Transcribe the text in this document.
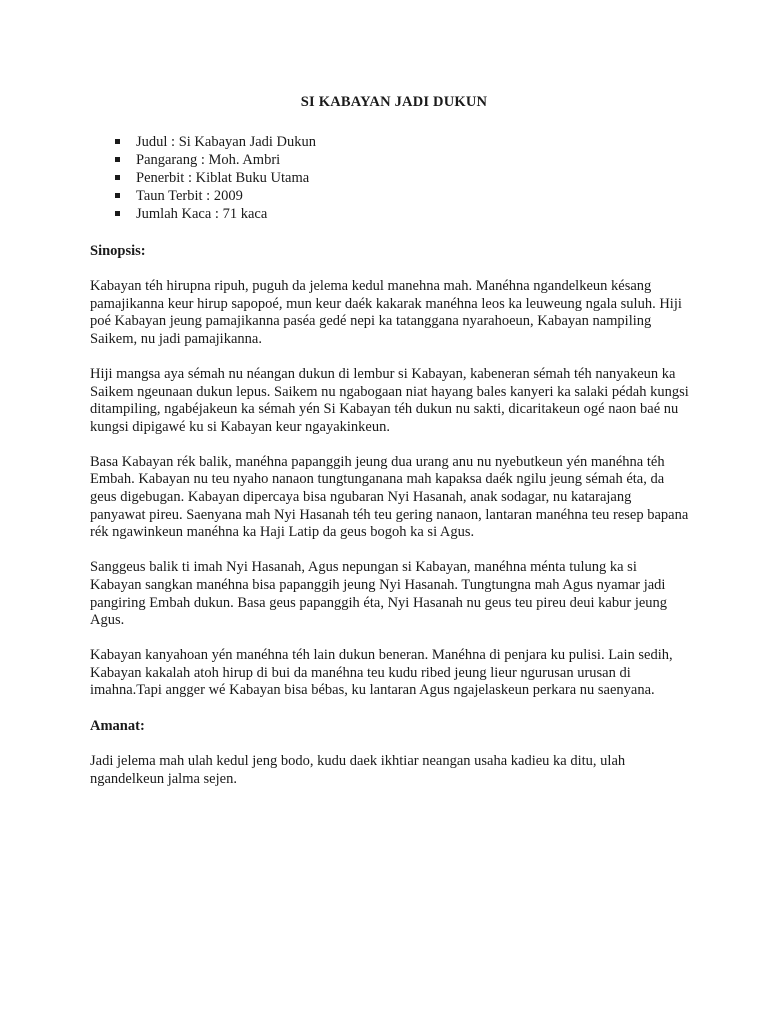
SI KABAYAN JADI DUKUN
Judul : Si Kabayan Jadi Dukun
Pangarang : Moh. Ambri
Penerbit : Kiblat Buku Utama
Taun Terbit : 2009
Jumlah Kaca : 71 kaca
Sinopsis:

Kabayan téh hirupna ripuh, puguh da jelema kedul manehna mah. Manéhna ngandelkeun késang pamajikanna keur hirup sapopoé, mun keur daék kakarak manéhna leos ka leuweung ngala suluh. Hiji poé Kabayan jeung pamajikanna paséa gedé nepi ka tatanggana nyarahoeun, Kabayan nampiling Saikem, nu jadi pamajikanna.

Hiji mangsa aya sémah nu néangan dukun di lembur si Kabayan, kabeneran sémah téh nanyakeun ka Saikem ngeunaan dukun lepus. Saikem nu ngabogaan niat hayang bales kanyeri ka salaki pédah kungsi ditampiling, ngabéjakeun ka sémah yén Si Kabayan téh dukun nu sakti, dicaritakeun ogé naon baé nu kungsi dipigawé ku si Kabayan keur ngayakinkeun.

Basa Kabayan rék balik, manéhna papanggih jeung dua urang anu nu nyebutkeun yén manéhna téh Embah. Kabayan nu teu nyaho nanaon tungtunganana mah kapaksa daék ngilu jeung sémah éta, da geus digebugan. Kabayan dipercaya bisa ngubaran Nyi Hasanah, anak sodagar, nu katarajang panyawat pireu. Saenyana mah Nyi Hasanah téh teu gering nanaon, lantaran manéhna teu resep bapana rék ngawinkeun manéhna ka Haji Latip da geus bogoh ka si Agus.

Sanggeus balik ti imah Nyi Hasanah, Agus nepungan si Kabayan, manéhna ménta tulung ka si Kabayan sangkan manéhna bisa papanggih jeung Nyi Hasanah. Tungtungna mah Agus nyamar jadi pangiring Embah dukun. Basa geus papanggih éta, Nyi Hasanah nu geus teu pireu deui kabur jeung Agus.

Kabayan kanyahoan yén manéhna téh lain dukun beneran. Manéhna di penjara ku pulisi. Lain sedih, Kabayan kakalah atoh hirup di bui da manéhna teu kudu ribed jeung lieur ngurusan urusan di imahna.Tapi angger wé Kabayan bisa bébas, ku lantaran Agus ngajelaskeun perkara nu saenyana.

Amanat:

Jadi jelema mah ulah kedul jeng bodo, kudu daek ikhtiar neangan usaha kadieu ka ditu, ulah ngandelkeun jalma sejen.
